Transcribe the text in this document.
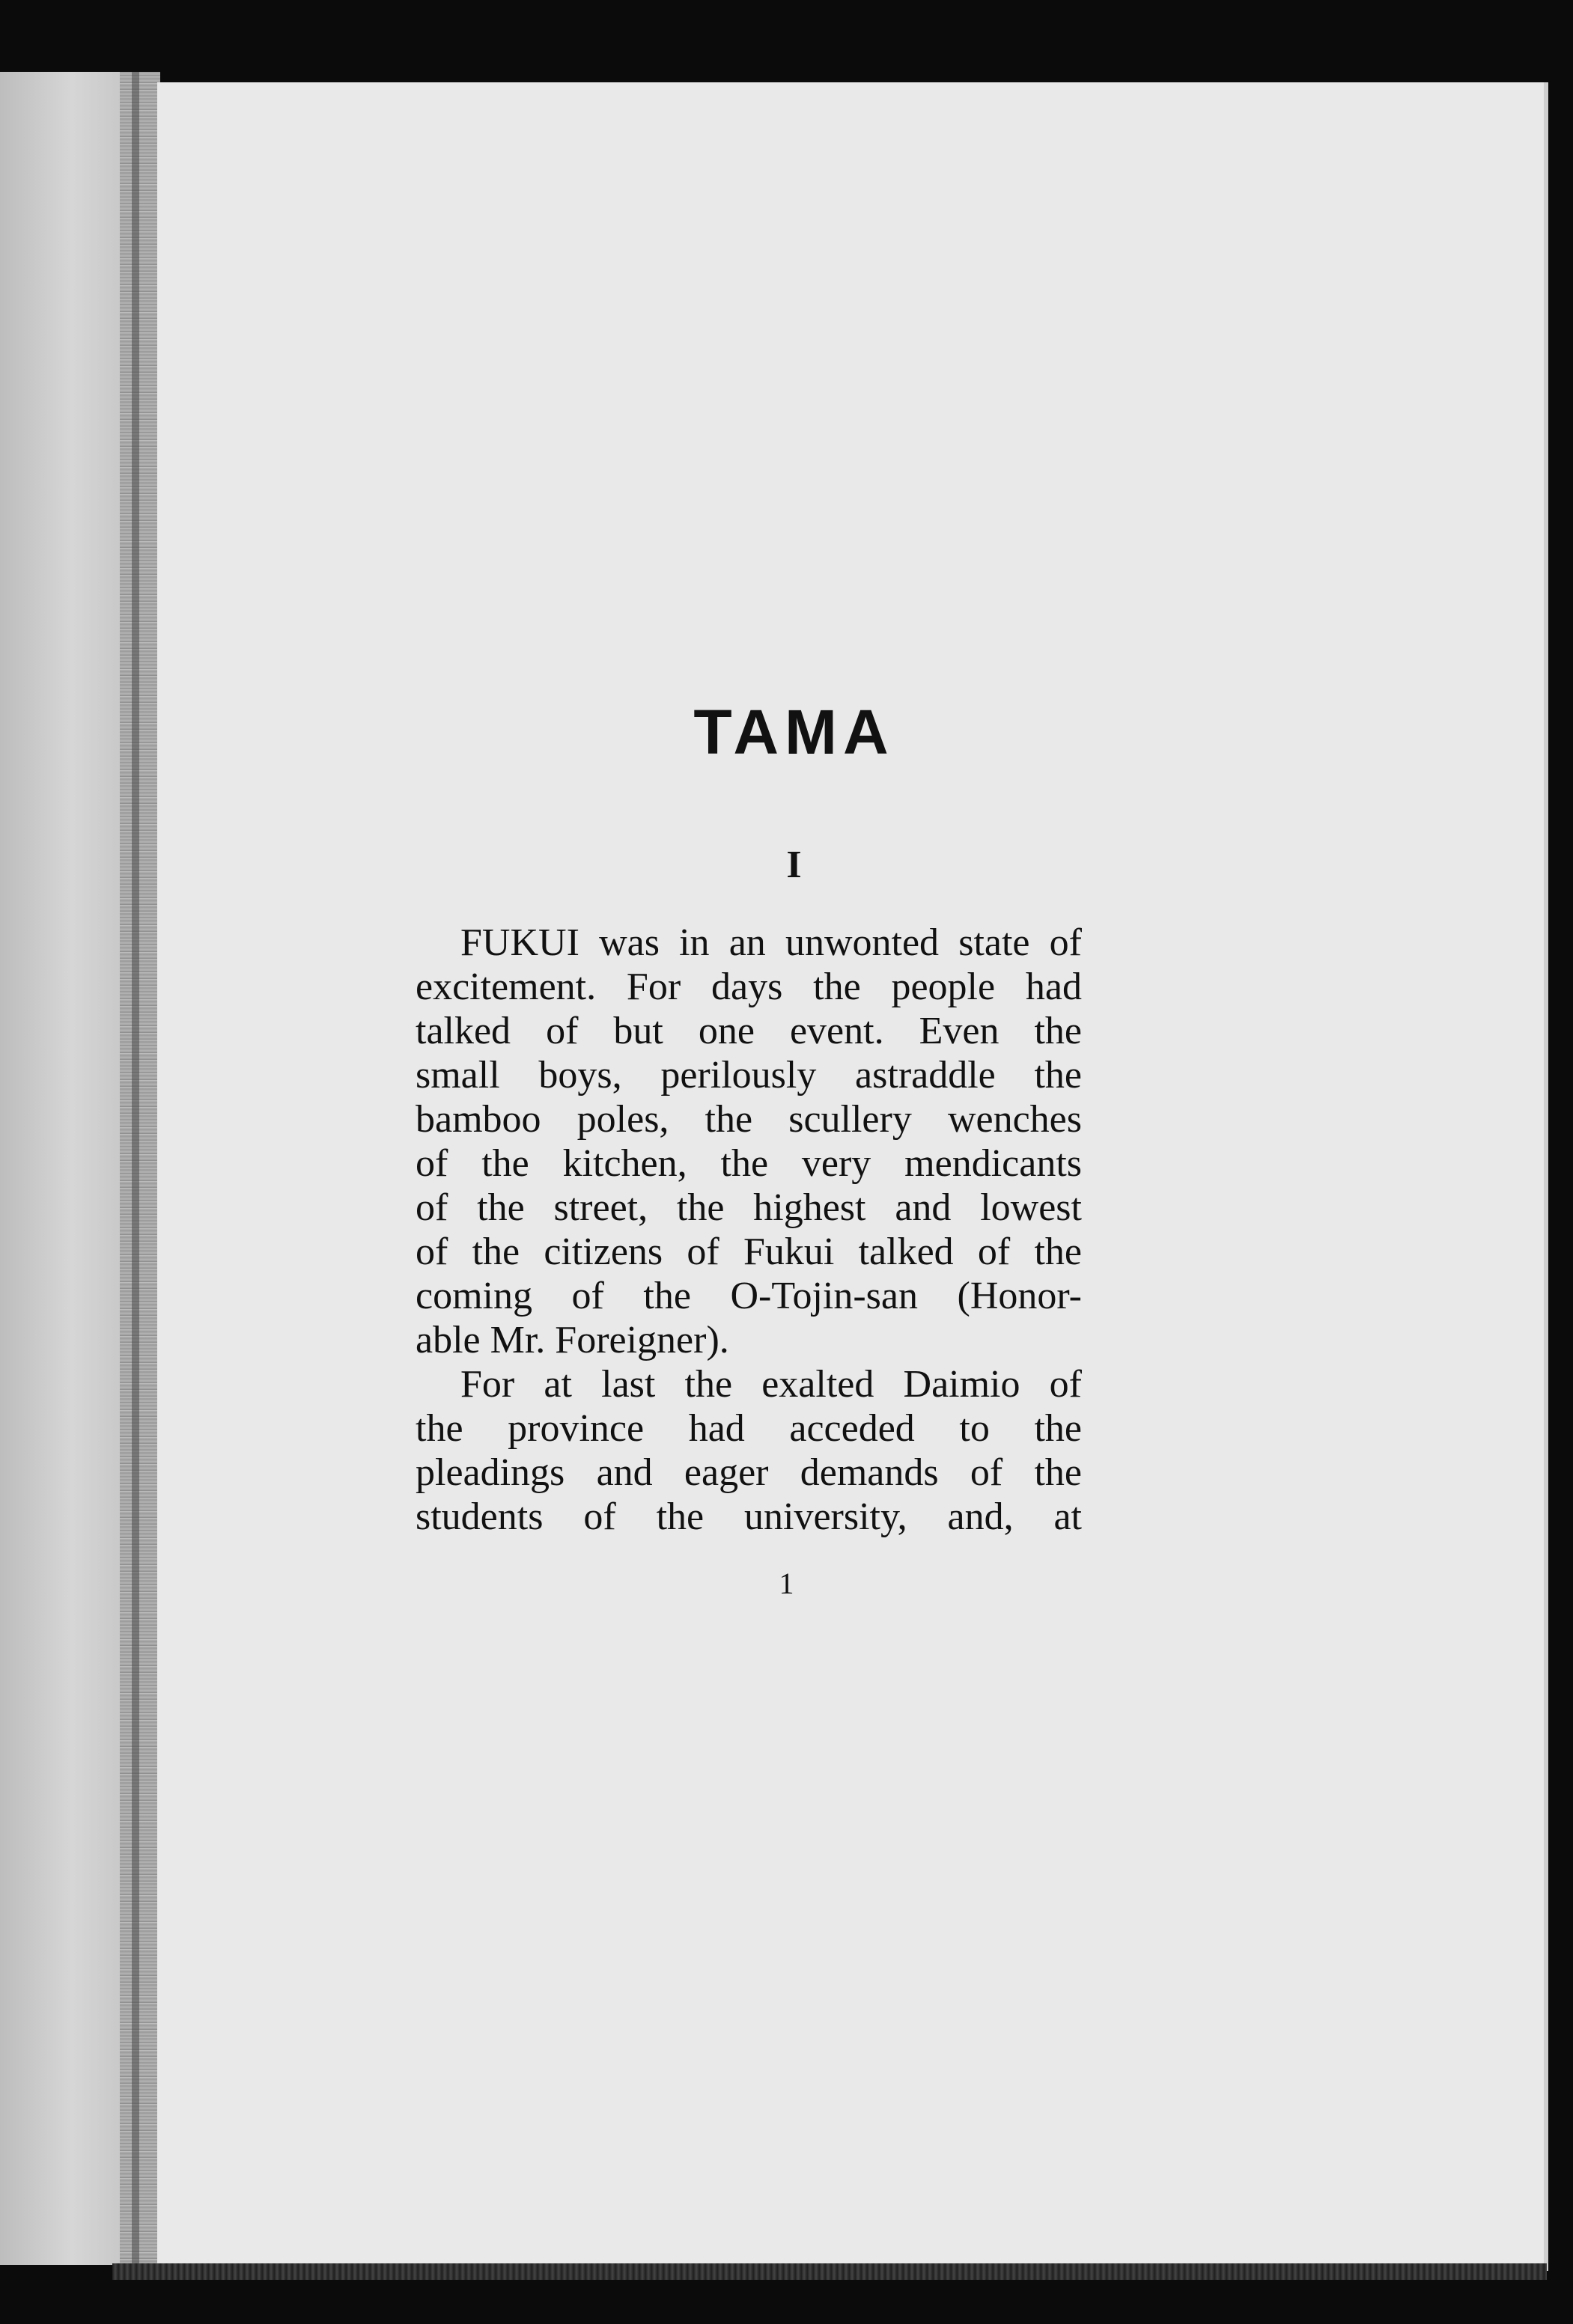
TAMA
I
FUKUI was in an unwonted state of
excitement. For days the people had
talked of but one event. Even the
small boys, perilously astraddle the
bamboo poles, the scullery wenches
of the kitchen, the very mendicants
of the street, the highest and lowest
of the citizens of Fukui talked of the
coming of the O-Tojin-san (Honor-
able Mr. Foreigner).
For at last the exalted Daimio of
the province had acceded to the
pleadings and eager demands of the
students of the university, and, at

1
